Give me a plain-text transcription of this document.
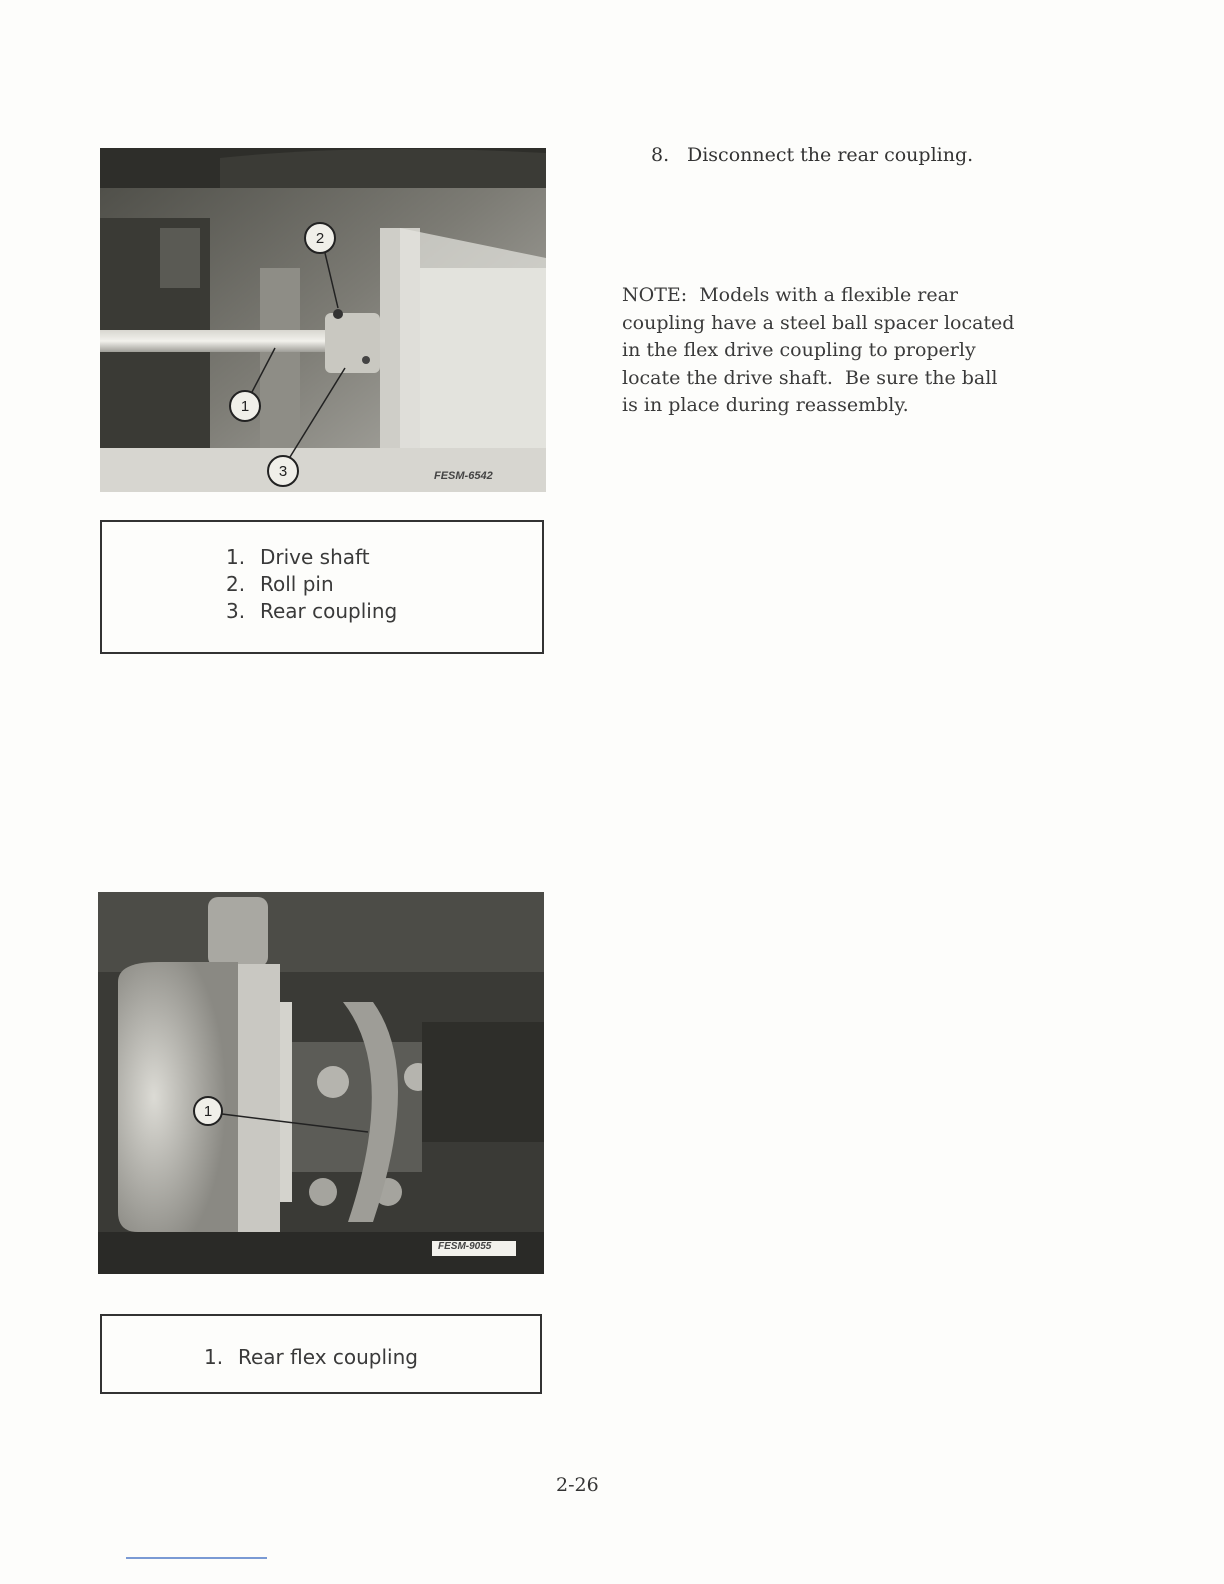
2
1
3	FESM-6542
1. Drive shaft
2. Roll pin
3. Rear coupling
8. Disconnect the rear coupling.
NOTE:  Models with a flexible rear
coupling have a steel ball spacer located
in the flex drive coupling to properly
locate the drive shaft.  Be sure the ball
is in place during reassembly.
1
FESM-9055
1. Rear flex coupling
2-26
